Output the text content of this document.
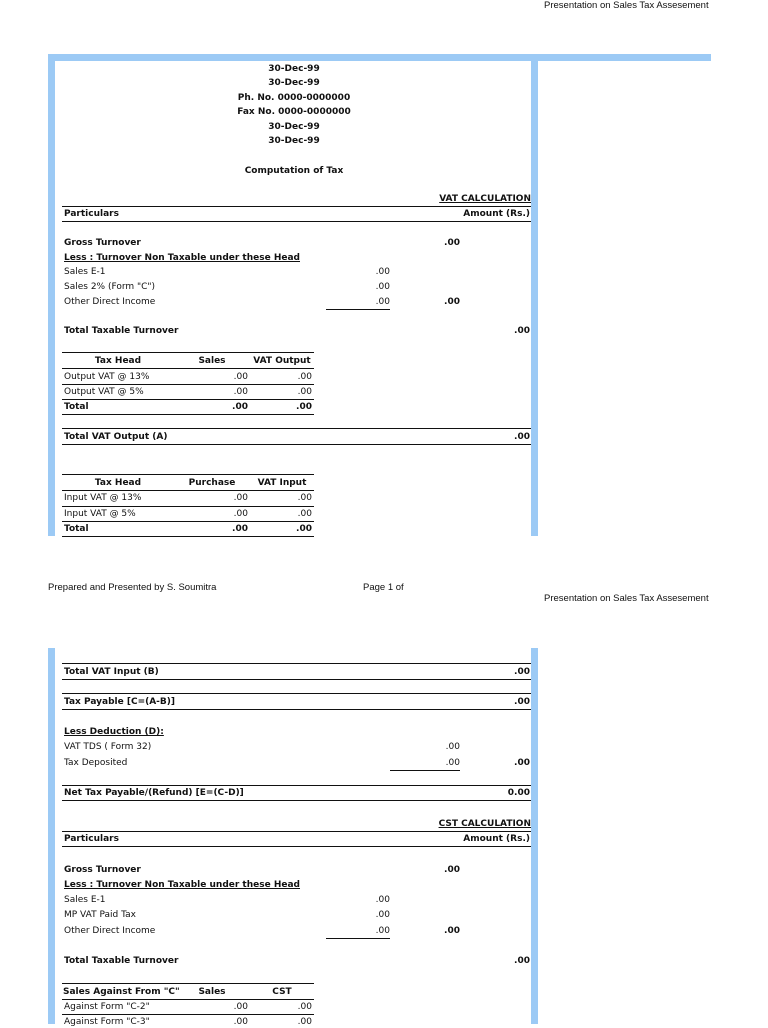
Presentation on Sales Tax Assesement
30-Dec-99
30-Dec-99
Ph. No. 0000-0000000
Fax No. 0000-0000000
30-Dec-99
30-Dec-99
Computation of Tax
VAT CALCULATION
Particulars	Amount (Rs.)
Gross Turnover	.00
Less : Turnover Non Taxable under these Head
Sales E-1	.00
Sales 2% (Form "C")	.00
Other Direct Income	.00	.00
Total Taxable Turnover	.00
Tax Head	Sales	VAT Output
Output VAT @ 13%	.00	.00
Output VAT @ 5%	.00	.00
Total	.00	.00
Total VAT Output (A)	.00
Tax Head	Purchase	VAT Input
Input VAT @ 13%	.00	.00
Input VAT @ 5%	.00	.00
Total	.00	.00
Prepared and Presented by S. Soumitra	Page 1 of
Presentation on Sales Tax Assesement
Total VAT Input (B)	.00
Tax Payable [C=(A-B)]	.00
Less Deduction (D):
VAT TDS ( Form 32)	.00
Tax Deposited	.00	.00
Net Tax Payable/(Refund) [E=(C-D)]	0.00
CST CALCULATION
Particulars	Amount (Rs.)
Gross Turnover	.00
Less : Turnover Non Taxable under these Head
Sales E-1	.00
MP VAT Paid Tax	.00
Other Direct Income	.00	.00
Total Taxable Turnover	.00
Sales Against From "C"	Sales	CST
Against Form "C-2"	.00	.00
Against Form "C-3"	.00	.00
